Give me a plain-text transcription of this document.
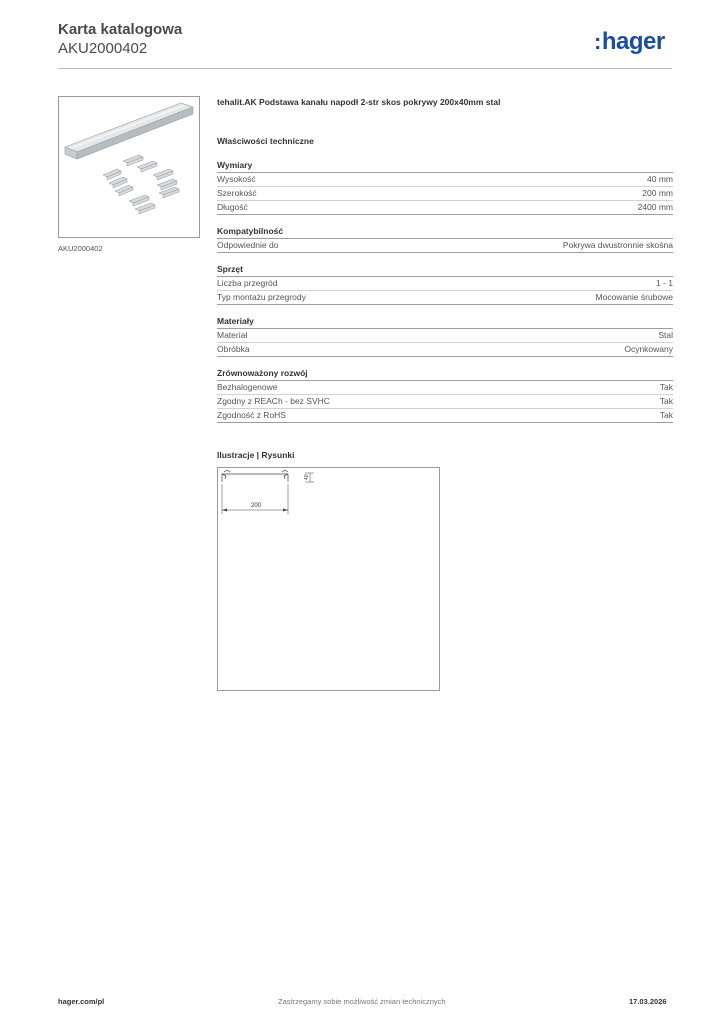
Karta katalogowa
AKU2000402	:hager
AKU2000402
tehalit.AK Podstawa kanału napodł 2-str skos pokrywy 200x40mm stal
Właściwości techniczne
Wymiary
Wysokość	40 mm
Szerokość	200 mm
Długość	2400 mm
Kompatybilność
Odpowiednie do	Pokrywa dwustronnie skośna
Sprzęt
Liczba przegród	1 - 1
Typ montażu przegrody	Mocowanie śrubowe
Materiały
Materiał	Stal
Obróbka	Ocynkowany
Zrównoważony rozwój
Bezhalogenowe	Tak
Zgodny z REACh - bez SVHC	Tak
Zgodność z RoHS	Tak
Ilustracje | Rysunki
200
40
hager.com/pl	Zastrzegamy sobie możliwość zmian technicznych	17.03.2026
